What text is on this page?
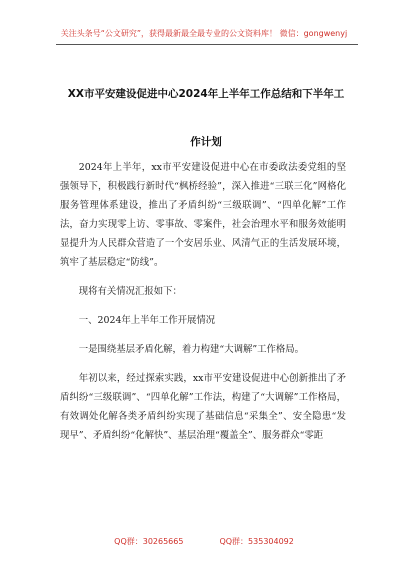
关注头条号“公文研究”，获得最新最全最专业的公文资料库！ 微信：gongwenyj
XX市平安建设促进中心2024年上半年工作总结和下半年工
作计划

2024年上半年，xx市平安建设促进中心在市委政法委党组的坚强领导下，积极践行新时代“枫桥经验”，深入推进“三联三化”网格化服务管理体系建设，推出了矛盾纠纷“三级联调”、“四单化解”工作法，奋力实现零上访、零事故、零案件，社会治理水平和服务效能明显提升为人民群众营造了一个安居乐业、风清气正的生活发展环境，筑牢了基层稳定“防线”。

现将有关情况汇报如下：

一、2024年上半年工作开展情况

一是围绕基层矛盾化解，着力构建“大调解”工作格局。

年初以来，经过探索实践，xx市平安建设促进中心创新推出了矛盾纠纷“三级联调”、“四单化解”工作法，构建了“大调解”工作格局，有效调处化解各类矛盾纠纷实现了基础信息“采集全”、安全隐患“发现早”、矛盾纠纷“化解快”、基层治理“覆盖全”、服务群众“零距

QQ群：30265665	QQ群：535304092
